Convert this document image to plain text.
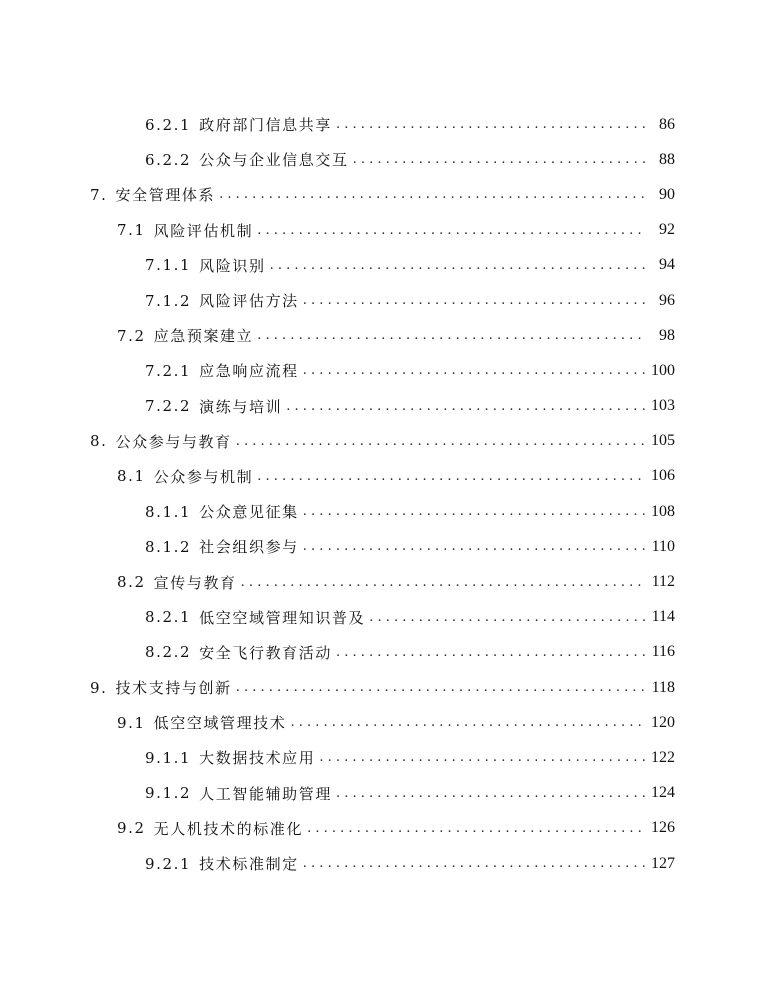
6.2.1 政府部门信息共享 . . .	86
6.2.2 公众与企业信息交互 . . .	88
7. 安全管理体系 . . .	90
7.1 风险评估机制 . . .	92
7.1.1 风险识别 . . .	94
7.1.2 风险评估方法 . . .	96
7.2 应急预案建立 . . .	98
7.2.1 应急响应流程 . . .	100
7.2.2 演练与培训 . . .	103
8. 公众参与与教育 . . .	105
8.1 公众参与机制 . . .	106
8.1.1 公众意见征集 . . .	108
8.1.2 社会组织参与 . . .	110
8.2 宣传与教育 . . .	112
8.2.1 低空空域管理知识普及 . . .	114
8.2.2 安全飞行教育活动 . . .	116
9. 技术支持与创新 . . .	118
9.1 低空空域管理技术 . . .	120
9.1.1 大数据技术应用 . . .	122
9.1.2 人工智能辅助管理 . . .	124
9.2 无人机技术的标准化 . . .	126
9.2.1 技术标准制定 . . .	127
